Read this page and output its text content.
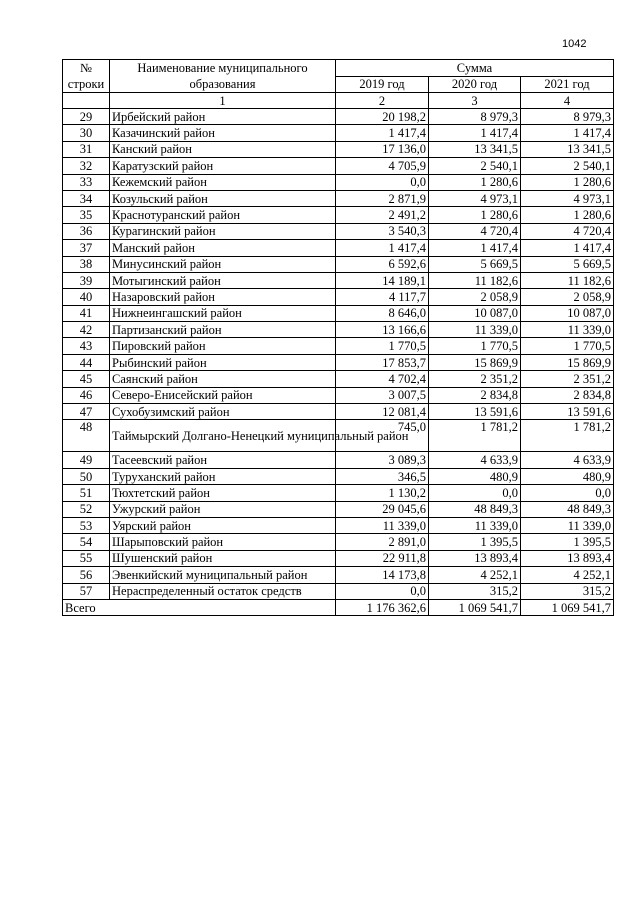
1042
№ строки	Наименование муниципального образования	Сумма		
		2019 год	2020 год	2021 год
	1	2	3	4
29	Ирбейский район	20 198,2	8 979,3	8 979,3
30	Казачинский район	1 417,4	1 417,4	1 417,4
31	Канский район	17 136,0	13 341,5	13 341,5
32	Каратузский район	4 705,9	2 540,1	2 540,1
33	Кежемский район	0,0	1 280,6	1 280,6
34	Козульский район	2 871,9	4 973,1	4 973,1
35	Краснотуранский район	2 491,2	1 280,6	1 280,6
36	Курагинский район	3 540,3	4 720,4	4 720,4
37	Манский район	1 417,4	1 417,4	1 417,4
38	Минусинский район	6 592,6	5 669,5	5 669,5
39	Мотыгинский район	14 189,1	11 182,6	11 182,6
40	Назаровский район	4 117,7	2 058,9	2 058,9
41	Нижнеингашский район	8 646,0	10 087,0	10 087,0
42	Партизанский район	13 166,6	11 339,0	11 339,0
43	Пировский район	1 770,5	1 770,5	1 770,5
44	Рыбинский район	17 853,7	15 869,9	15 869,9
45	Саянский район	4 702,4	2 351,2	2 351,2
46	Северо-Енисейский район	3 007,5	2 834,8	2 834,8
47	Сухобузимский район	12 081,4	13 591,6	13 591,6
48	Таймырский Долгано-Ненецкий муниципальный район	745,0	1 781,2	1 781,2
49	Тасеевский район	3 089,3	4 633,9	4 633,9
50	Туруханский район	346,5	480,9	480,9
51	Тюхтетский район	1 130,2	0,0	0,0
52	Ужурский район	29 045,6	48 849,3	48 849,3
53	Уярский район	11 339,0	11 339,0	11 339,0
54	Шарыповский район	2 891,0	1 395,5	1 395,5
55	Шушенский район	22 911,8	13 893,4	13 893,4
56	Эвенкийский муниципальный район	14 173,8	4 252,1	4 252,1
57	Нераспределенный остаток средств	0,0	315,2	315,2
Всего		1 176 362,6	1 069 541,7	1 069 541,7
